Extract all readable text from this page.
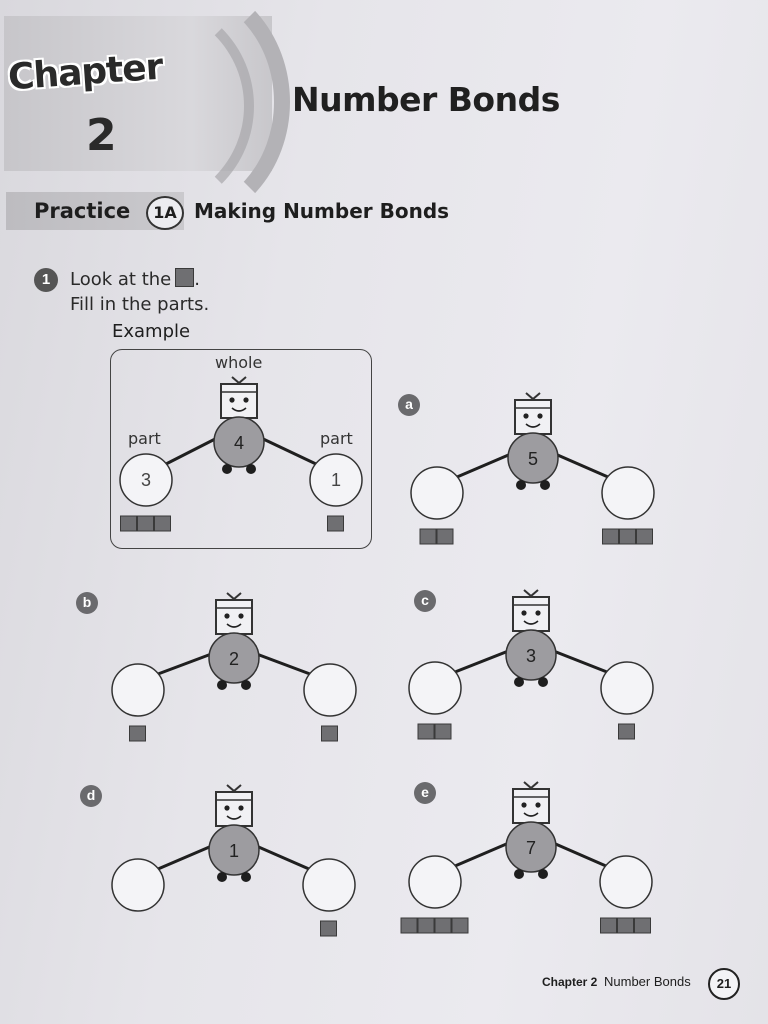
Chapter
2
Number Bonds
Practice	1A Making Number Bonds
1	Look at the .
Fill in the parts.
Example
whole
part	part
a
b	c
d	e
4
3	1
5
2	3
1	7
Chapter 2 Number Bonds	21
